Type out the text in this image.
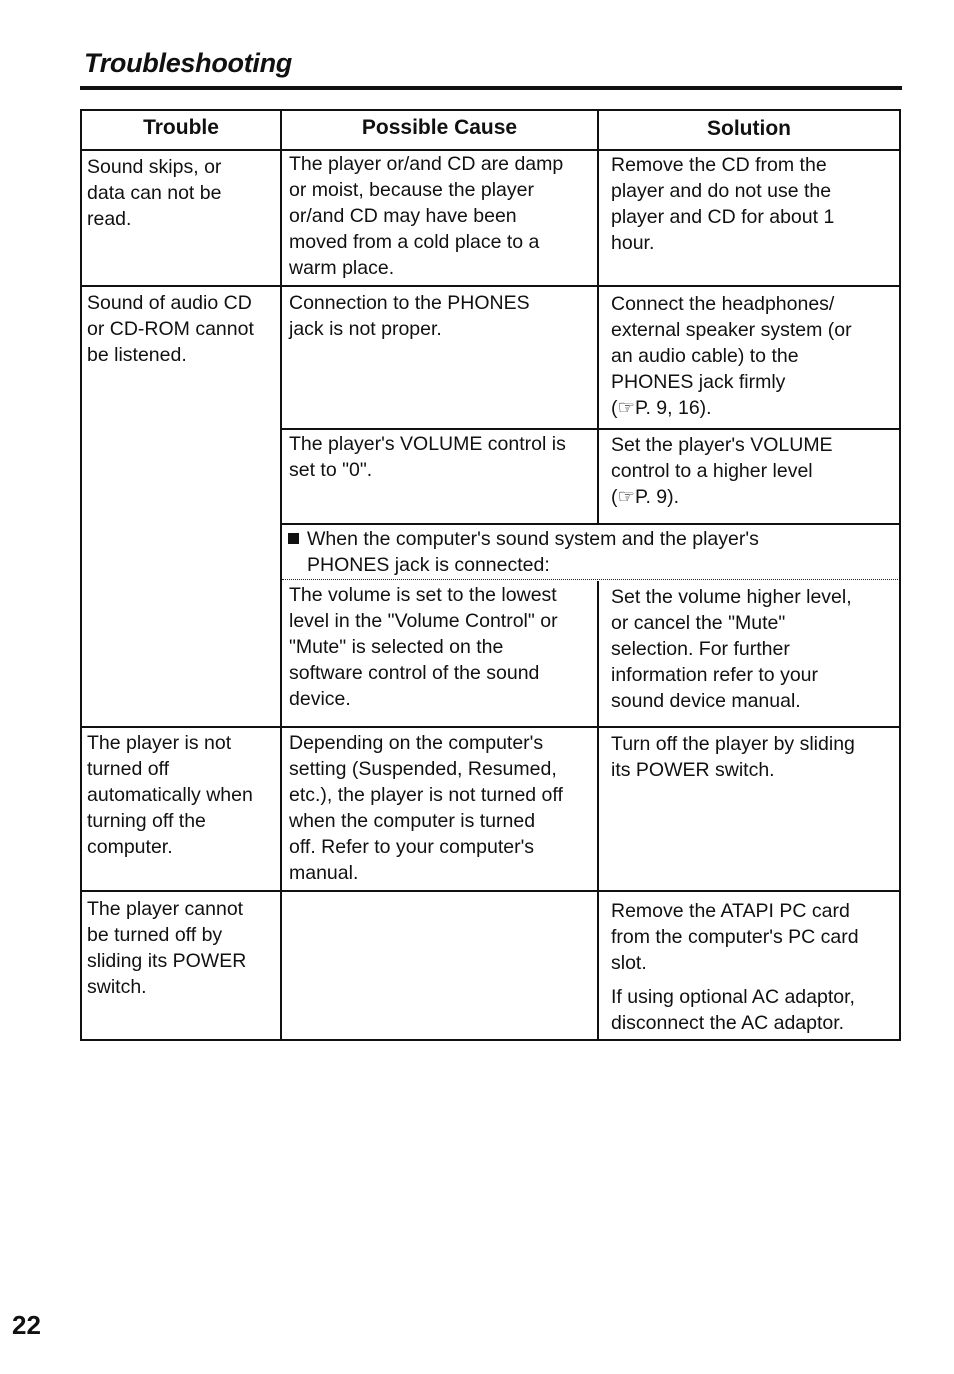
Troubleshooting
Trouble	Possible Cause	Solution
Sound skips, or
data can not be
read.
The player or/and CD are damp
or moist, because the player
or/and CD may have been
moved from a cold place to a
warm place.
Remove the CD from the
player and do not use the
player and CD for about 1
hour.
Sound of audio CD
or CD-ROM cannot
be listened.
Connection to the PHONES
jack is not proper.
Connect the headphones/
external speaker system (or
an audio cable) to the
PHONES jack firmly
(☞P. 9, 16).
The player's VOLUME control is
set to "0".
Set the player's VOLUME
control to a higher level
(☞P. 9).
When the computer's sound system and the player's
PHONES jack is connected:
The volume is set to the lowest
level in the "Volume Control" or
"Mute" is selected on the
software control of the sound
device.
Set the volume higher level,
or cancel the "Mute"
selection. For further
information refer to your
sound device manual.
The player is not
turned off
automatically when
turning off the
computer.
Depending on the computer's
setting (Suspended, Resumed,
etc.), the player is not turned off
when the computer is turned
off. Refer to your computer's
manual.
Turn off the player by sliding
its POWER switch.
The player cannot
be turned off by
sliding its POWER
switch.
Remove the ATAPI PC card
from the computer's PC card
slot.
If using optional AC adaptor,
disconnect the AC adaptor.
22
